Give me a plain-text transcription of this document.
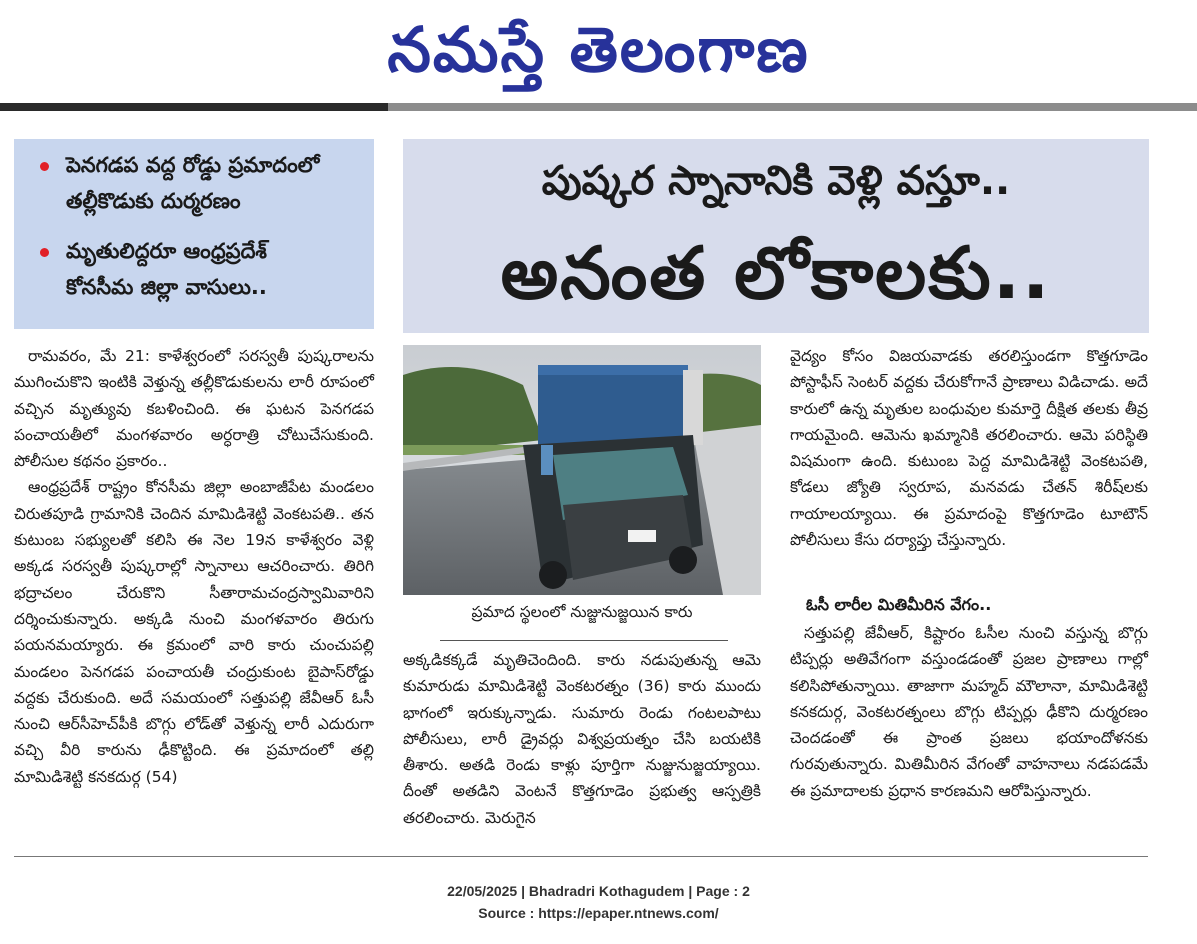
నమస్తే తెలంగాణ
పెనగడప వద్ద రోడ్డు ప్రమాదంలో
తల్లీకొడుకు దుర్మరణం
మృతులిద్దరూ ఆంధ్రప్రదేశ్
కోనసీమ జిల్లా వాసులు..
పుష్కర స్నానానికి వెళ్లి వస్తూ..
అనంత లోకాలకు..

రామవరం, మే 21: కాళేశ్వరంలో సరస్వతీ పుష్కరాలను ముగించుకొని ఇంటికి వెళ్తున్న తల్లీకొడుకులను లారీ రూపంలో వచ్చిన మృత్యువు కబళించింది. ఈ ఘటన పెనగడప పంచాయతీలో మంగళవారం అర్ధరాత్రి చోటుచేసుకుంది. పోలీసుల కథనం ప్రకారం..

ఆంధ్రప్రదేశ్ రాష్ట్రం కోనసీమ జిల్లా అంబాజీపేట మండలం చిరుతపూడి గ్రామానికి చెందిన మామిడిశెట్టి వెంకటపతి.. తన కుటుంబ సభ్యులతో కలిసి ఈ నెల 19న కాళేశ్వరం వెళ్లి అక్కడ సరస్వతీ పుష్కరాల్లో స్నానాలు ఆచరించారు. తిరిగి భద్రాచలం చేరుకొని సీతారామచంద్రస్వామివారిని దర్శించుకున్నారు. అక్కడి నుంచి మంగళవారం తిరుగు పయనమయ్యారు. ఈ క్రమంలో వారి కారు చుంచుపల్లి మండలం పెనగడప పంచాయతీ చంద్రుకుంట బైపాస్‌రోడ్డు వద్దకు చేరుకుంది. అదే సమయంలో సత్తుపల్లి జేవీఆర్ ఓసీ నుంచి ఆర్‌సీహెచ్‌పీకి బొగ్గు లోడ్‌తో వెళ్తున్న లారీ ఎదురుగా వచ్చి వీరి కారును ఢీకొట్టింది. ఈ ప్రమాదంలో తల్లి మామిడిశెట్టి కనకదుర్గ (54)

ప్రమాద స్థలంలో నుజ్జునుజ్జయిన కారు

అక్కడికక్కడే మృతిచెందింది. కారు నడుపుతున్న ఆమె కుమారుడు మామిడిశెట్టి వెంకటరత్నం (36) కారు ముందు భాగంలో ఇరుక్కున్నాడు. సుమారు రెండు గంటలపాటు పోలీసులు, లారీ డ్రైవర్లు విశ్వప్రయత్నం చేసి బయటికి తీశారు. అతడి రెండు కాళ్లు పూర్తిగా నుజ్జునుజ్జయ్యాయి. దీంతో అతడిని వెంటనే కొత్తగూడెం ప్రభుత్వ ఆస్పత్రికి తరలించారు. మెరుగైన

వైద్యం కోసం విజయవాడకు తరలిస్తుండగా కొత్తగూడెం పోస్టాఫీస్ సెంటర్ వద్దకు చేరుకోగానే ప్రాణాలు విడిచాడు. అదే కారులో ఉన్న మృతుల బంధువుల కుమార్తె దీక్షిత తలకు తీవ్ర గాయమైంది. ఆమెను ఖమ్మానికి తరలించారు. ఆమె పరిస్థితి విషమంగా ఉంది. కుటుంబ పెద్ద మామిడిశెట్టి వెంకటపతి, కోడలు జ్యోతి స్వరూప, మనవడు చేతన్ శిరీష్‌లకు గాయాలయ్యాయి. ఈ ప్రమాదంపై కొత్తగూడెం టూటౌన్ పోలీసులు కేసు దర్యాప్తు చేస్తున్నారు.

ఓసీ లారీల మితిమీరిన వేగం..

సత్తుపల్లి జేవీఆర్, కిష్టారం ఓసీల నుంచి వస్తున్న బొగ్గు టిప్పర్లు అతివేగంగా వస్తుండడంతో ప్రజల ప్రాణాలు గాల్లో కలిసిపోతున్నాయి. తాజాగా మహ్మద్ మౌలానా, మామిడిశెట్టి కనకదుర్గ, వెంకటరత్నంలు బొగ్గు టిప్పర్లు ఢీకొని దుర్మరణం చెందడంతో ఈ ప్రాంత ప్రజలు భయాందోళనకు గురవుతున్నారు. మితిమీరిన వేగంతో వాహనాలు నడపడమే ఈ ప్రమాదాలకు ప్రధాన కారణమని ఆరోపిస్తున్నారు.

22/05/2025 | Bhadradri Kothagudem | Page : 2
Source : https://epaper.ntnews.com/
